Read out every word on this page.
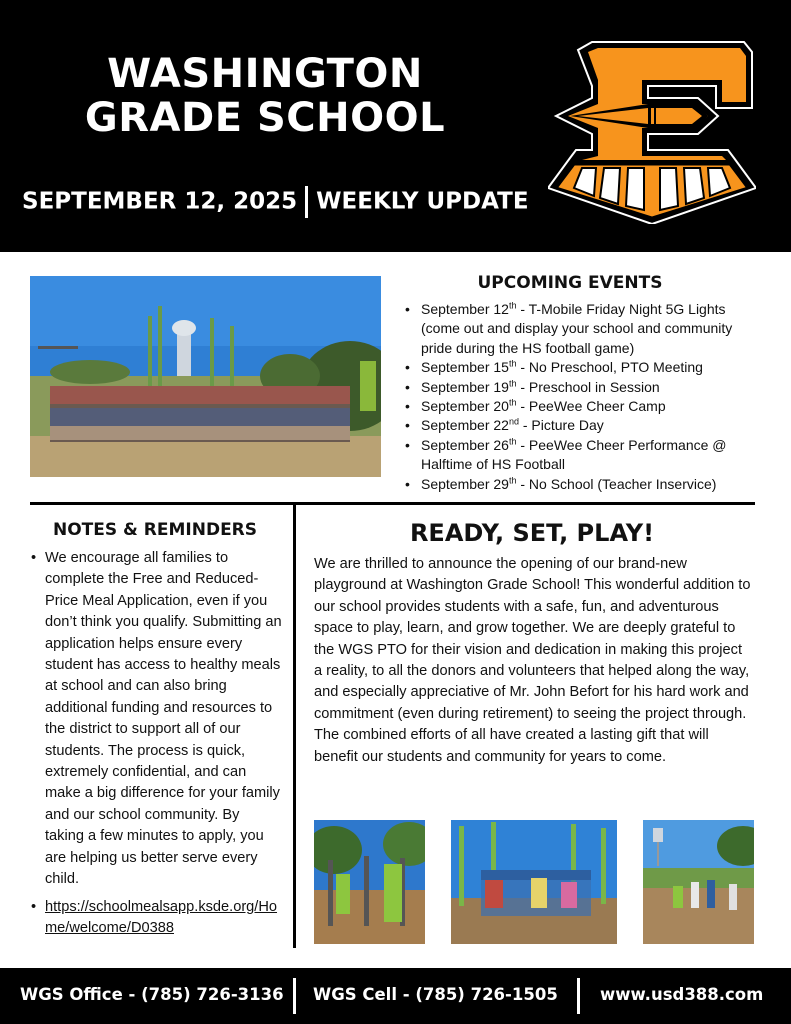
WASHINGTON
GRADE SCHOOL
SEPTEMBER 12, 2025 WEEKLY UPDATE
UPCOMING EVENTS
• September 12th - T-Mobile Friday Night 5G Lights (come out and display your school and community pride during the HS football game)
• September 15th - No Preschool, PTO Meeting
• September 19th - Preschool in Session
• September 20th - PeeWee Cheer Camp
• September 22nd - Picture Day
• September 26th - PeeWee Cheer Performance @ Halftime of HS Football
• September 29th - No School (Teacher Inservice)
NOTES & REMINDERS
• We encourage all families to complete the Free and Reduced-Price Meal Application, even if you don’t think you qualify. Submitting an application helps ensure every student has access to healthy meals at school and can also bring additional funding and resources to the district to support all of our students. The process is quick, extremely confidential, and can make a big difference for your family and our school community. By taking a few minutes to apply, you are helping us better serve every child.
• https://schoolmealsapp.ksde.org/Home/welcome/D0388
READY, SET, PLAY!
We are thrilled to announce the opening of our brand-new playground at Washington Grade School! This wonderful addition to our school provides students with a safe, fun, and adventurous space to play, learn, and grow together. We are deeply grateful to the WGS PTO for their vision and dedication in making this project a reality, to all the donors and volunteers that helped along the way, and especially appreciative of Mr. John Befort for his hard work and commitment (even during retirement) to seeing the project through. The combined efforts of all have created a lasting gift that will benefit our students and community for years to come.
WGS Office - (785) 726-3136 WGS Cell - (785) 726-1505	www.usd388.com
